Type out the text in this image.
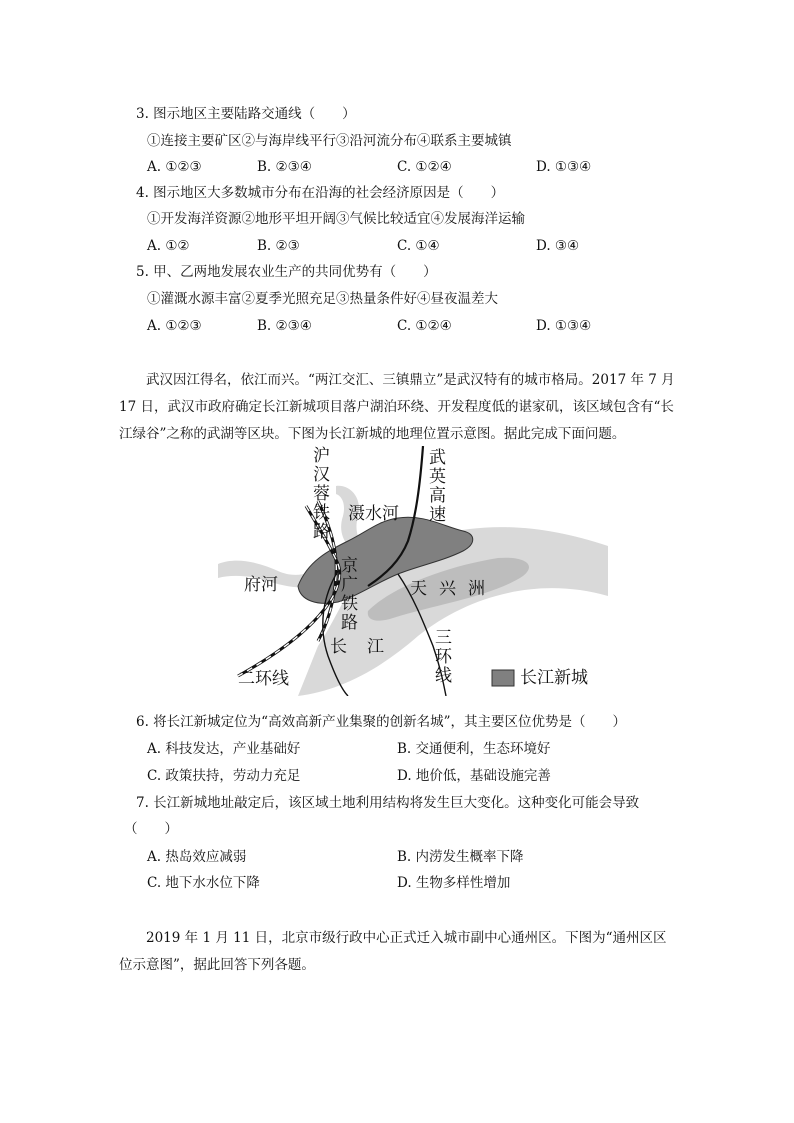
3. 图示地区主要陆路交通线（　　）
①连接主要矿区②与海岸线平行③沿河流分布④联系主要城镇
A. ①②③	B. ②③④	C. ①②④	D. ①③④
4. 图示地区大多数城市分布在沿海的社会经济原因是（　　）
①开发海洋资源②地形平坦开阔③气候比较适宜④发展海洋运输
A. ①②	B. ②③	C. ①④	D. ③④
5. 甲、乙两地发展农业生产的共同优势有（　　）
①灌溉水源丰富②夏季光照充足③热量条件好④昼夜温差大
A. ①②③	B. ②③④	C. ①②④	D. ①③④
武汉因江得名，依江而兴。“两江交汇、三镇鼎立”是武汉特有的城市格局。2017 年 7 月 17 日，武汉市政府确定长江新城项目落户湖泊环绕、开发程度低的谌家矶，该区域包含有“长江绿谷”之称的武湖等区块。下图为长江新城的地理位置示意图。据此完成下面问题。
沪汉蓉铁路	武英高速
滠水河
府河	京广铁路	天兴洲
长江
二环线	三环线	长江新城
6. 将长江新城定位为“高效高新产业集聚的创新名城”，其主要区位优势是（　　）
A. 科技发达，产业基础好	B. 交通便利，生态环境好
C. 政策扶持，劳动力充足	D. 地价低，基础设施完善
7. 长江新城地址敲定后，该区域土地利用结构将发生巨大变化。这种变化可能会导致
（　　）
A. 热岛效应减弱	B. 内涝发生概率下降
C. 地下水水位下降	D. 生物多样性增加
2019 年 1 月 11 日，北京市级行政中心正式迁入城市副中心通州区。下图为“通州区区位示意图”，据此回答下列各题。
